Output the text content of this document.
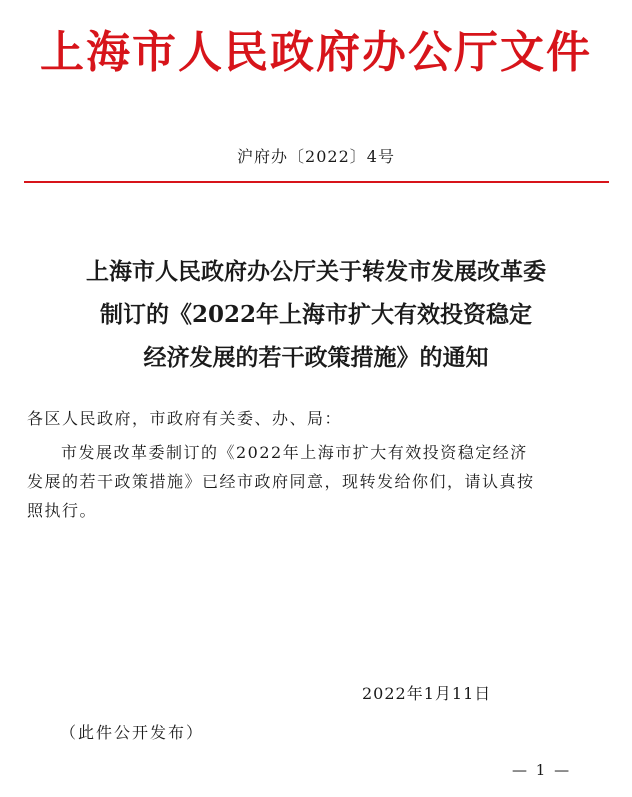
上海市人民政府办公厅文件
沪府办〔2022〕4号
上海市人民政府办公厅关于转发市发展改革委
制订的《2022年上海市扩大有效投资稳定
经济发展的若干政策措施》的通知
各区人民政府，市政府有关委、办、局：
市发展改革委制订的《2022年上海市扩大有效投资稳定经济
发展的若干政策措施》已经市政府同意，现转发给你们，请认真按
照执行。
2022年1月11日
（此件公开发布）
— 1 —
